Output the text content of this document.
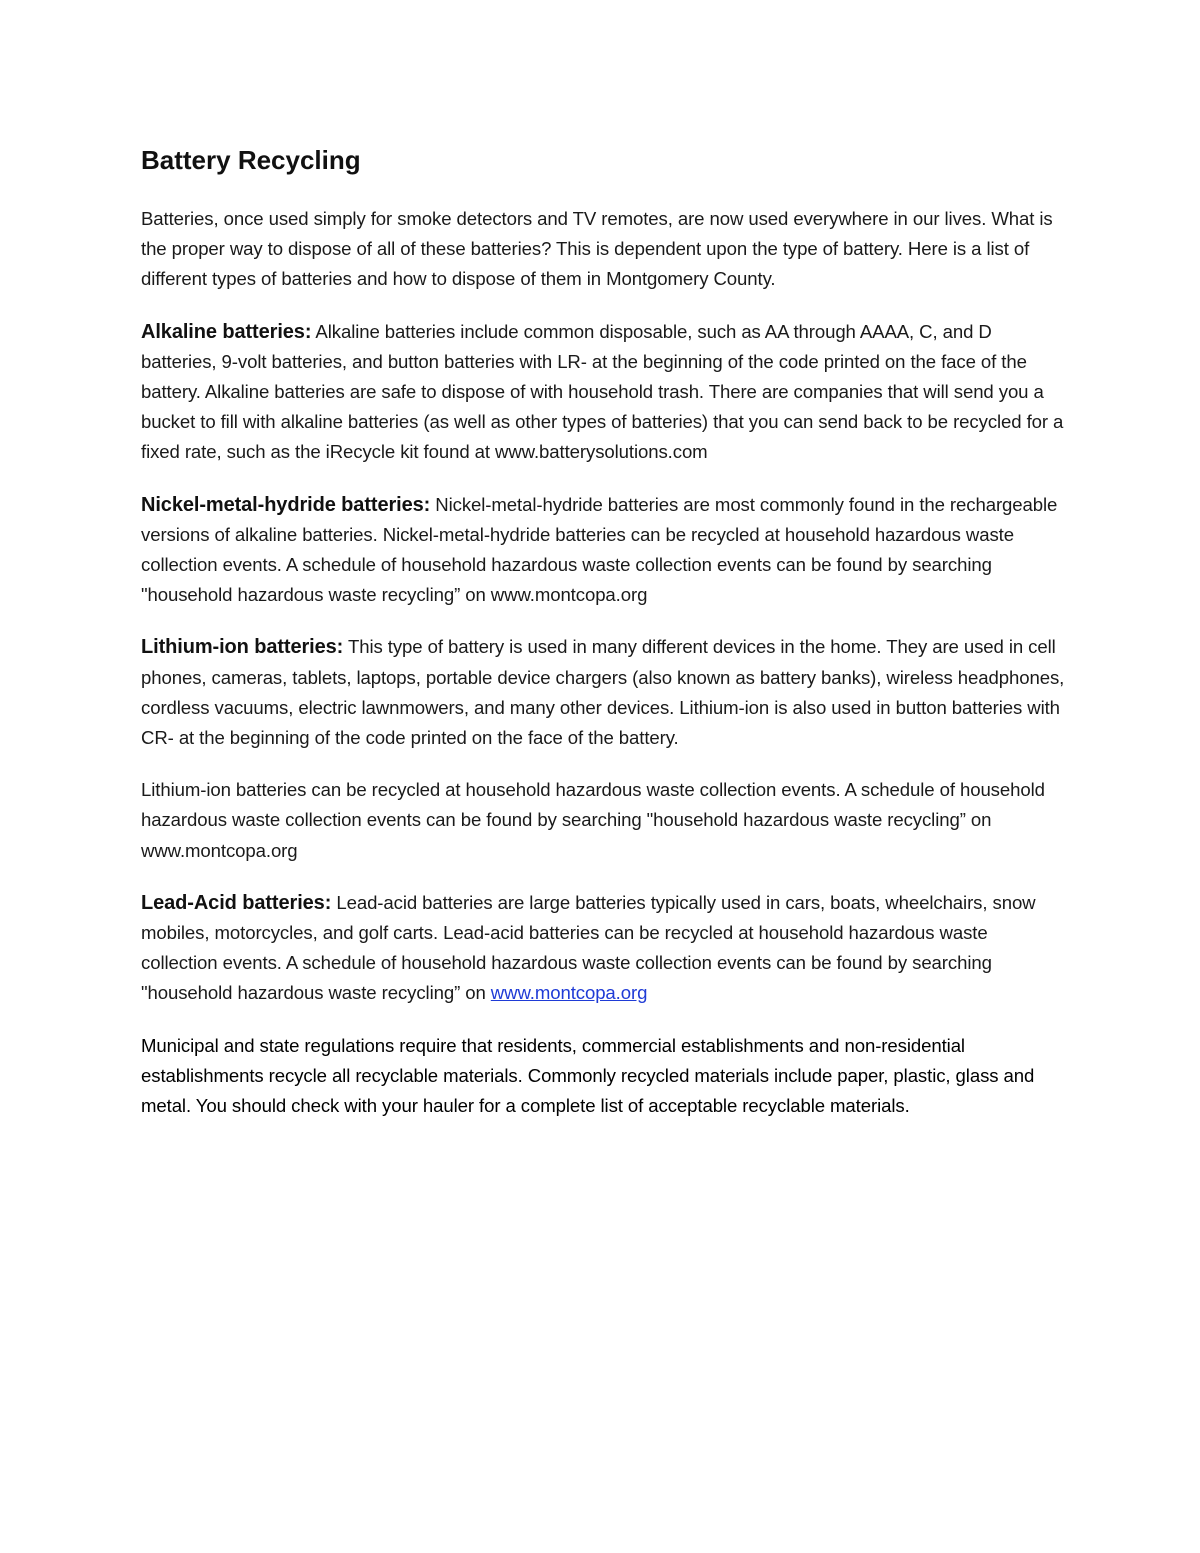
Battery Recycling

Batteries, once used simply for smoke detectors and TV remotes, are now used everywhere in our lives. What is the proper way to dispose of all of these batteries? This is dependent upon the type of battery. Here is a list of different types of batteries and how to dispose of them in Montgomery County.

Alkaline batteries: Alkaline batteries include common disposable, such as AA through AAAA, C, and D batteries, 9-volt batteries, and button batteries with LR- at the beginning of the code printed on the face of the battery. Alkaline batteries are safe to dispose of with household trash. There are companies that will send you a bucket to fill with alkaline batteries (as well as other types of batteries) that you can send back to be recycled for a fixed rate, such as the iRecycle kit found at www.batterysolutions.com

Nickel-metal-hydride batteries: Nickel-metal-hydride batteries are most commonly found in the rechargeable versions of alkaline batteries. Nickel-metal-hydride batteries can be recycled at household hazardous waste collection events. A schedule of household hazardous waste collection events can be found by searching "household hazardous waste recycling” on www.montcopa.org

Lithium-ion batteries: This type of battery is used in many different devices in the home. They are used in cell phones, cameras, tablets, laptops, portable device chargers (also known as battery banks), wireless headphones, cordless vacuums, electric lawnmowers, and many other devices. Lithium-ion is also used in button batteries with CR- at the beginning of the code printed on the face of the battery.

Lithium-ion batteries can be recycled at household hazardous waste collection events. A schedule of household hazardous waste collection events can be found by searching "household hazardous waste recycling” on www.montcopa.org

Lead-Acid batteries: Lead-acid batteries are large batteries typically used in cars, boats, wheelchairs, snow mobiles, motorcycles, and golf carts. Lead-acid batteries can be recycled at household hazardous waste collection events. A schedule of household hazardous waste collection events can be found by searching "household hazardous waste recycling” on www.montcopa.org

Municipal and state regulations require that residents, commercial establishments and non-residential establishments recycle all recyclable materials. Commonly recycled materials include paper, plastic, glass and metal. You should check with your hauler for a complete list of acceptable recyclable materials.
